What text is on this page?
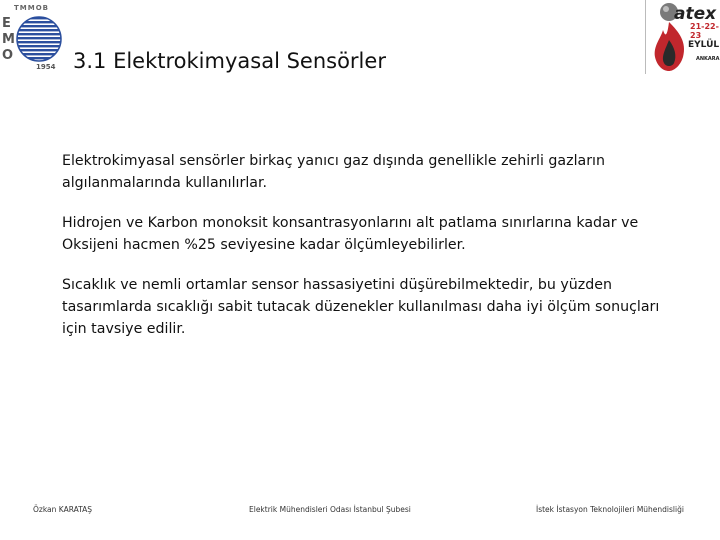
TMMOB
E
M
O
1954 3.1 Elektrokimyasal Sensörler
atex
21-22-23
EYLÜL
ANKARA

Elektrokimyasal sensörler birkaç yanıcı gaz dışında genellikle zehirli gazların algılanmalarında kullanılırlar.

Hidrojen ve Karbon monoksit konsantrasyonlarını alt patlama sınırlarına kadar ve Oksijeni hacmen %25 seviyesine kadar ölçümleyebilirler.

Sıcaklık ve nemli ortamlar sensor hassasiyetini düşürebilmektedir, bu yüzden tasarımlarda sıcaklığı sabit tutacak düzenekler kullanılması daha iyi ölçüm sonuçları için tavsiye edilir.

Özkan KARATAŞ	Elektrik Mühendisleri Odası İstanbul Şubesi	İstek İstasyon Teknolojileri Mühendisliği
